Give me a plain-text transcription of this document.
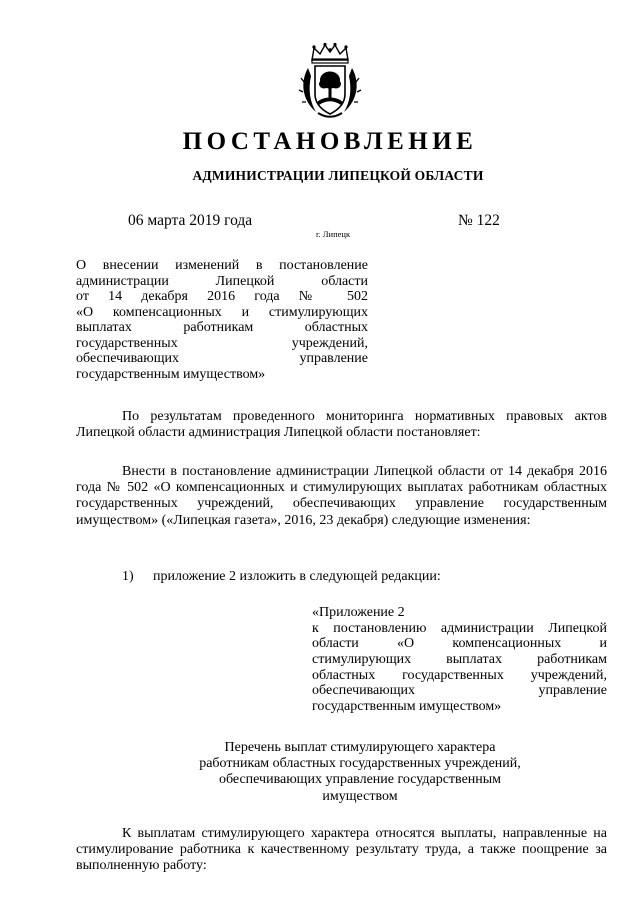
ПОСТАНОВЛЕНИЕ
АДМИНИСТРАЦИИ ЛИПЕЦКОЙ ОБЛАСТИ
06 марта 2019 года
г. Липецк
№ 122
О внесении изменений в постановление
администрации Липецкой области
от 14 декабря 2016 года № 502
«О компенсационных и стимулирующих
выплатах работникам областных
государственных учреждений,
обеспечивающих управление
государственным имуществом»
По результатам проведенного мониторинга нормативных правовых актов Липецкой области администрация Липецкой области постановляет:
Внести в постановление администрации Липецкой области от 14 декабря 2016 года № 502 «О компенсационных и стимулирующих выплатах работникам областных государственных учреждений, обеспечивающих управление государственным имуществом» («Липецкая газета», 2016, 23 декабря) следующие изменения:
1) приложение 2 изложить в следующей редакции:
«Приложение 2
к постановлению администрации Липецкой
области «О компенсационных и
стимулирующих выплатах работникам
областных государственных учреждений,
обеспечивающих управление
государственным имуществом»
Перечень выплат стимулирующего характера
работникам областных государственных учреждений,
обеспечивающих управление государственным
имуществом
К выплатам стимулирующего характера относятся выплаты, направленные на стимулирование работника к качественному результату труда, а также поощрение за выполненную работу:
